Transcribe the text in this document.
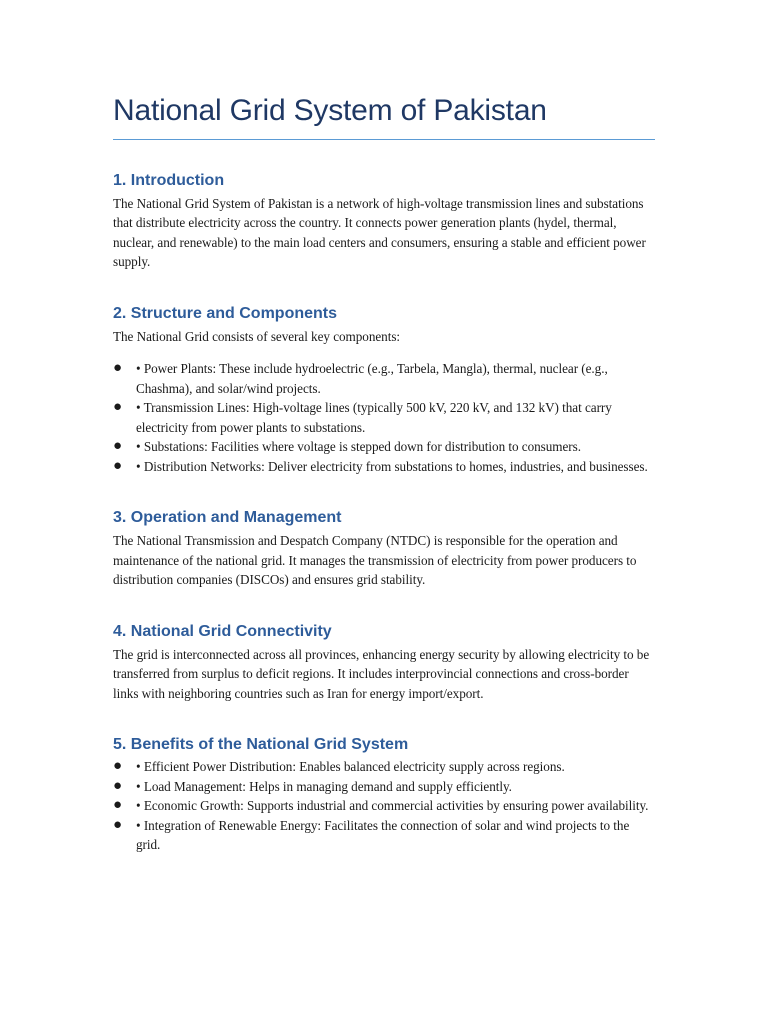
National Grid System of Pakistan
1. Introduction

The National Grid System of Pakistan is a network of high-voltage transmission lines and substations that distribute electricity across the country. It connects power generation plants (hydel, thermal, nuclear, and renewable) to the main load centers and consumers, ensuring a stable and efficient power supply.

2. Structure and Components

The National Grid consists of several key components:

● • Power Plants: These include hydroelectric (e.g., Tarbela, Mangla), thermal, nuclear (e.g., Chashma), and solar/wind projects.
● • Transmission Lines: High-voltage lines (typically 500 kV, 220 kV, and 132 kV) that carry electricity from power plants to substations.
● • Substations: Facilities where voltage is stepped down for distribution to consumers.
● • Distribution Networks: Deliver electricity from substations to homes, industries, and businesses.
3. Operation and Management

The National Transmission and Despatch Company (NTDC) is responsible for the operation and maintenance of the national grid. It manages the transmission of electricity from power producers to distribution companies (DISCOs) and ensures grid stability.

4. National Grid Connectivity

The grid is interconnected across all provinces, enhancing energy security by allowing electricity to be transferred from surplus to deficit regions. It includes interprovincial connections and cross-border links with neighboring countries such as Iran for energy import/export.

5. Benefits of the National Grid System
● • Efficient Power Distribution: Enables balanced electricity supply across regions.
● • Load Management: Helps in managing demand and supply efficiently.
● • Economic Growth: Supports industrial and commercial activities by ensuring power availability.
● • Integration of Renewable Energy: Facilitates the connection of solar and wind projects to the grid.
